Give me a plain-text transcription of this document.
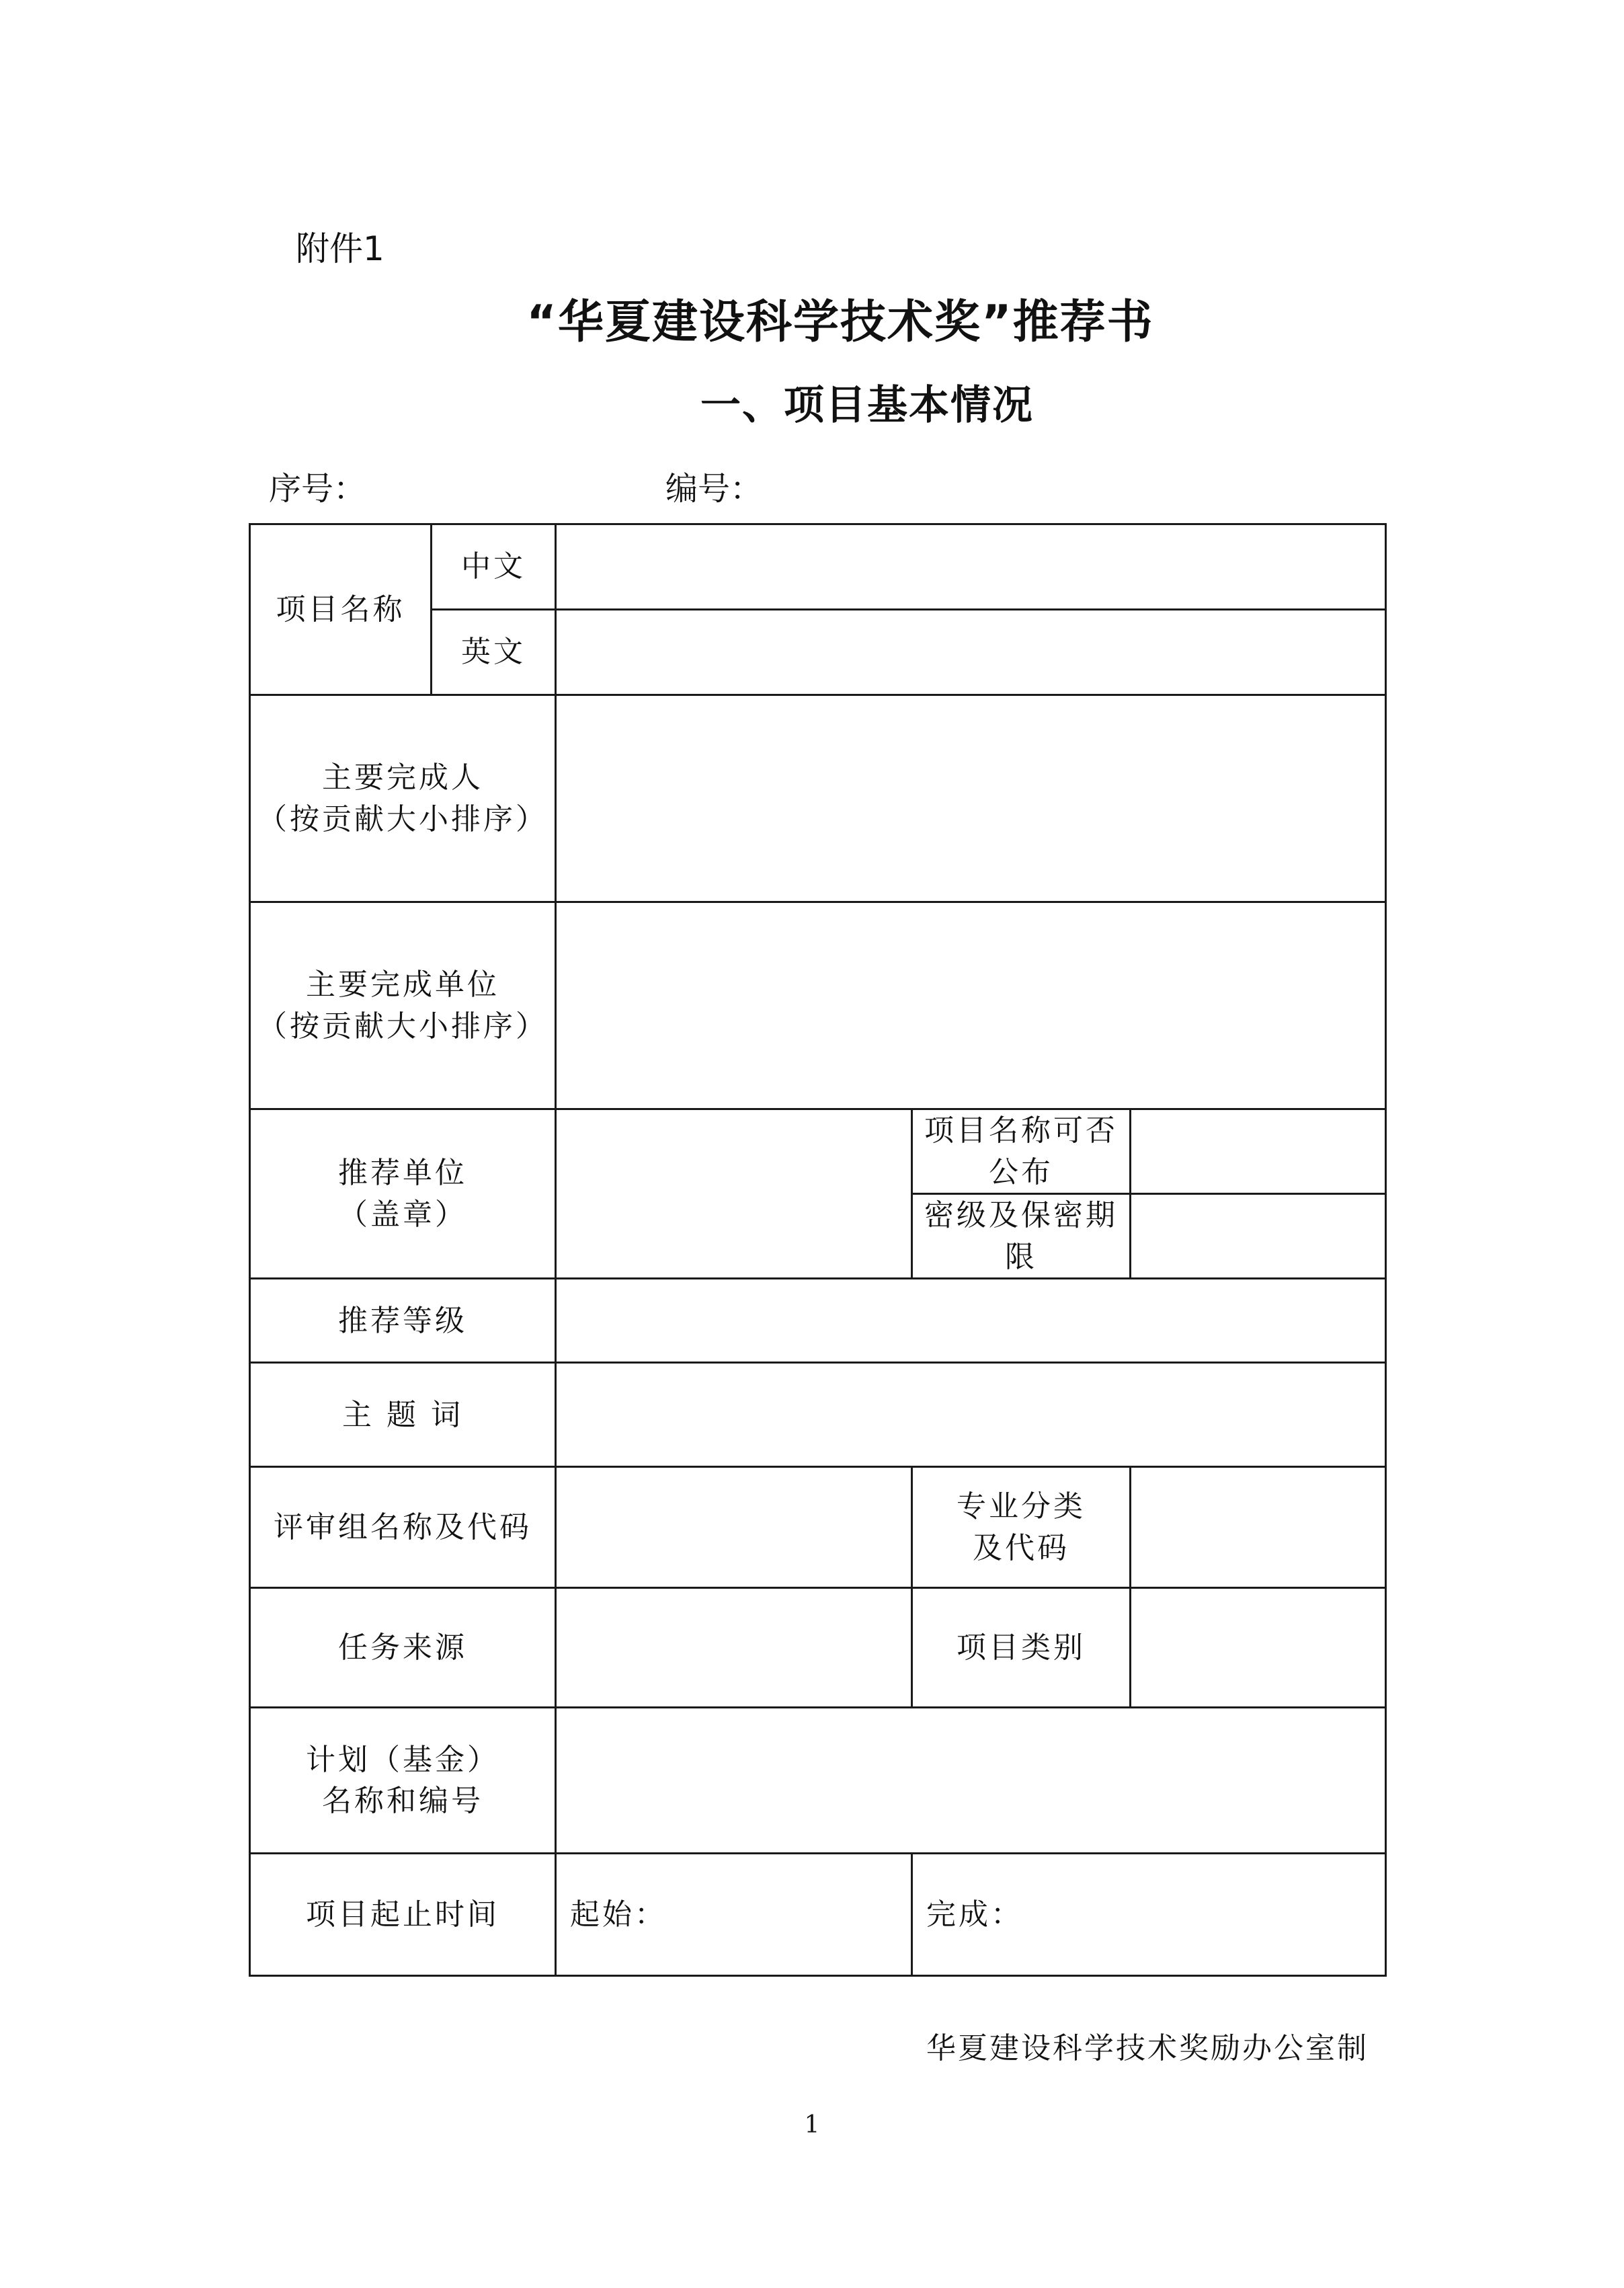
附件1
“华夏建设科学技术奖”推荐书
一、项目基本情况
序号：	编号：
项目名称	中文			
	英文			

主要完成人
（按贡献大小排序）				

主要完成单位
（按贡献大小排序）				

推荐单位
（盖章）			项目名称可否公布	
			密级及保密期限	
推荐等级				
主 题 词				
评审组名称及代码			专业分类
及代码	

任务来源			项目类别	

计划（基金）
名称和编号				

项目起止时间		起始：	完成：	
华夏建设科学技术奖励办公室制
1
